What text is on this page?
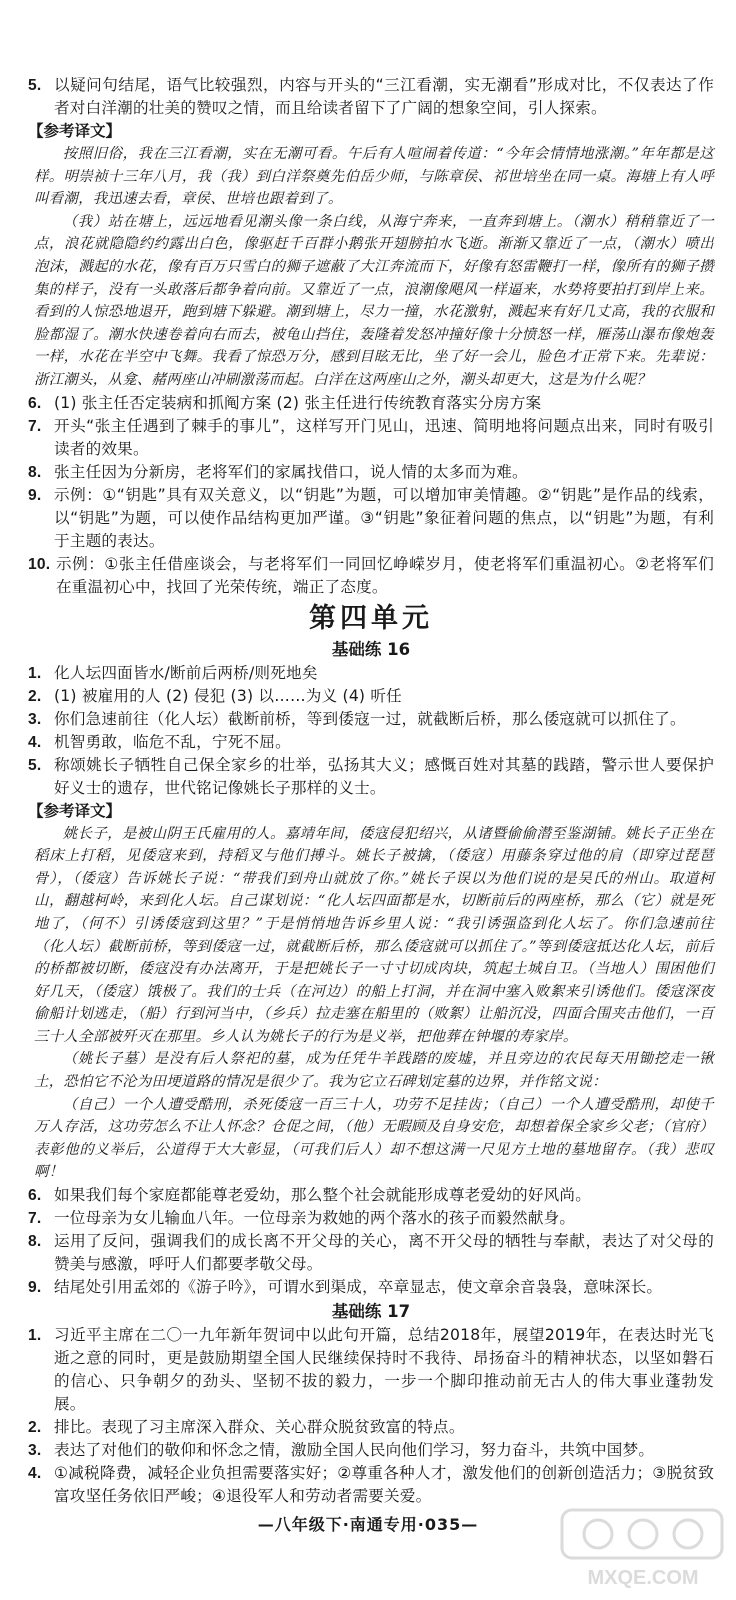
5. 以疑问句结尾，语气比较强烈，内容与开头的“三江看潮，实无潮看”形成对比，不仅表达了作者对白洋潮的壮美的赞叹之情，而且给读者留下了广阔的想象空间，引人探索。
【参考译文】

按照旧俗，我在三江看潮，实在无潮可看。午后有人喧闹着传道：“今年会情情地涨潮。”年年都是这样。明崇祯十三年八月，我（我）到白洋祭奠先伯岳少师，与陈章侯、祁世培坐在同一桌。海塘上有人呼叫看潮，我迅速去看，章侯、世培也跟着到了。

（我）站在塘上，远远地看见潮头像一条白线，从海宁奔来，一直奔到塘上。（潮水）稍稍靠近了一点，浪花就隐隐约约露出白色，像驱赶千百群小鹅张开翅膀拍水飞逝。渐渐又靠近了一点，（潮水）喷出泡沫，溅起的水花，像有百万只雪白的狮子遮蔽了大江奔流而下，好像有怒雷鞭打一样，像所有的狮子攒集的样子，没有一头敢落后都争着向前。又靠近了一点，浪潮像飓风一样逼来，水势将要拍打到岸上来。看到的人惊恐地退开，跑到塘下躲避。潮到塘上，尽力一撞，水花激射，溅起来有好几丈高，我的衣服和脸都湿了。潮水快速卷着向右而去，被龟山挡住，轰隆着发怒冲撞好像十分愤怒一样，雁荡山瀑布像炮轰一样，水花在半空中飞舞。我看了惊恐万分，感到目眩无比，坐了好一会儿，脸色才正常下来。先辈说：浙江潮头，从龛、赭两座山冲刷激荡而起。白洋在这两座山之外，潮头却更大，这是为什么呢？

6. (1) 张主任否定装病和抓阄方案 (2) 张主任进行传统教育落实分房方案
7. 开头“张主任遇到了棘手的事儿”，这样写开门见山，迅速、简明地将问题点出来，同时有吸引读者的效果。
8. 张主任因为分新房，老将军们的家属找借口，说人情的太多而为难。
9. 示例：①“钥匙”具有双关意义，以“钥匙”为题，可以增加审美情趣。②“钥匙”是作品的线索，以“钥匙”为题，可以使作品结构更加严谨。③“钥匙”象征着问题的焦点，以“钥匙”为题，有利于主题的表达。
10. 示例：①张主任借座谈会，与老将军们一同回忆峥嵘岁月，使老将军们重温初心。②老将军们在重温初心中，找回了光荣传统，端正了态度。
第四单元
基础练 16
1. 化人坛四面皆水/断前后两桥/则死地矣
2. (1) 被雇用的人 (2) 侵犯 (3) 以……为义 (4) 听任
3. 你们急速前往（化人坛）截断前桥，等到倭寇一过，就截断后桥，那么倭寇就可以抓住了。
4. 机智勇敢，临危不乱，宁死不屈。
5. 称颂姚长子牺牲自己保全家乡的壮举，弘扬其大义；感慨百姓对其墓的践踏，警示世人要保护好义士的遗存，世代铭记像姚长子那样的义士。
【参考译文】

姚长子，是被山阴王氏雇用的人。嘉靖年间，倭寇侵犯绍兴，从诸暨偷偷潜至鉴湖铺。姚长子正坐在稻床上打稻，见倭寇来到，持稻叉与他们搏斗。姚长子被擒，（倭寇）用藤条穿过他的肩（即穿过琵琶骨），（倭寇）告诉姚长子说：“带我们到舟山就放了你。”姚长子误以为他们说的是吴氏的州山。取道柯山，翻越柯岭，来到化人坛。自己谋划说：“化人坛四面都是水，切断前后的两座桥，那么（它）就是死地了，（何不）引诱倭寇到这里？”于是悄悄地告诉乡里人说：“我引诱强盗到化人坛了。你们急速前往（化人坛）截断前桥，等到倭寇一过，就截断后桥，那么倭寇就可以抓住了。”等到倭寇抵达化人坛，前后的桥都被切断，倭寇没有办法离开，于是把姚长子一寸寸切成肉块，筑起土城自卫。（当地人）围困他们好几天，（倭寇）饿极了。我们的士兵（在河边）的船上打洞，并在洞中塞入败絮来引诱他们。倭寇深夜偷船计划逃走，（船）行到河当中，（乡兵）拉走塞在船里的（败絮）让船沉没，四面合围夹击他们，一百三十人全部被歼灭在那里。乡人认为姚长子的行为是义举，把他葬在钟堰的寿家岸。

（姚长子墓）是没有后人祭祀的墓，成为任凭牛羊践踏的废墟，并且旁边的农民每天用锄挖走一锹土，恐怕它不沦为田埂道路的情况是很少了。我为它立石碑划定墓的边界，并作铭文说：

（自己）一个人遭受酷刑，杀死倭寇一百三十人，功劳不足挂齿；（自己）一个人遭受酷刑，却使千万人存活，这功劳怎么不让人怀念？仓促之间，（他）无暇顾及自身安危，却想着保全家乡父老；（官府）表彰他的义举后，公道得于大大彰显，（可我们后人）却不想这满一尺见方土地的墓地留存。（我）悲叹啊！

6. 如果我们每个家庭都能尊老爱幼，那么整个社会就能形成尊老爱幼的好风尚。
7. 一位母亲为女儿输血八年。一位母亲为救她的两个落水的孩子而毅然献身。
8. 运用了反问，强调我们的成长离不开父母的关心，离不开父母的牺牲与奉献，表达了对父母的赞美与感激，呼吁人们都要孝敬父母。
9. 结尾处引用孟郊的《游子吟》，可谓水到渠成，卒章显志，使文章余音袅袅，意味深长。
基础练 17
1. 习近平主席在二〇一九年新年贺词中以此句开篇，总结2018年，展望2019年，在表达时光飞逝之意的同时，更是鼓励期望全国人民继续保持时不我待、昂扬奋斗的精神状态，以坚如磐石的信心、只争朝夕的劲头、坚韧不拔的毅力，一步一个脚印推动前无古人的伟大事业蓬勃发展。
2. 排比。表现了习主席深入群众、关心群众脱贫致富的特点。
3. 表达了对他们的敬仰和怀念之情，激励全国人民向他们学习，努力奋斗，共筑中国梦。
4. ①减税降费，减轻企业负担需要落实好；②尊重各种人才，激发他们的创新创造活力；③脱贫致富攻坚任务依旧严峻；④退役军人和劳动者需要关爱。
—八年级下·南通专用·035—
MXQE.COM
